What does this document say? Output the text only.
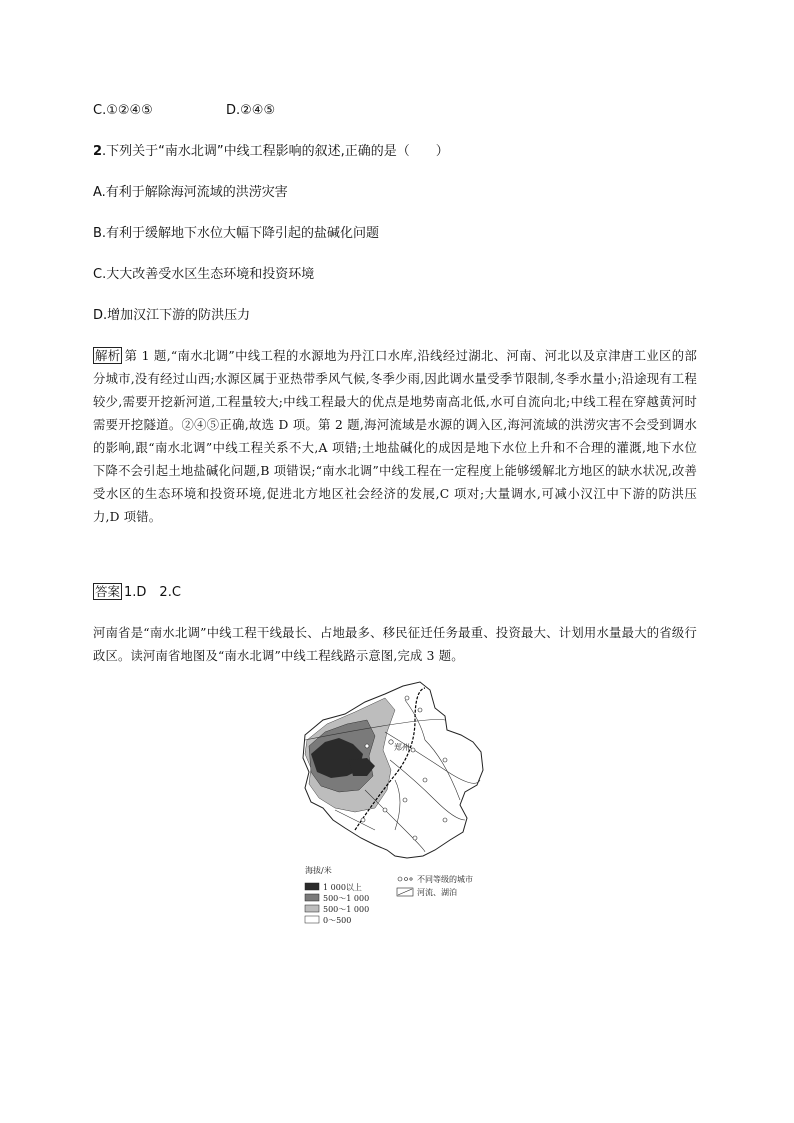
C.①②④⑤	D.②④⑤
2.下列关于“南水北调”中线工程影响的叙述,正确的是（　　）
A.有利于解除海河流域的洪涝灾害
B.有利于缓解地下水位大幅下降引起的盐碱化问题
C.大大改善受水区生态环境和投资环境
D.增加汉江下游的防洪压力
解析 第 1 题,“南水北调”中线工程的水源地为丹江口水库,沿线经过湖北、河南、河北以及京津唐工业区的部分城市,没有经过山西;水源区属于亚热带季风气候,冬季少雨,因此调水量受季节限制,冬季水量小;沿途现有工程较少,需要开挖新河道,工程量较大;中线工程最大的优点是地势南高北低,水可自流向北;中线工程在穿越黄河时需要开挖隧道。②④⑤正确,故选 D 项。第 2 题,海河流域是水源的调入区,海河流域的洪涝灾害不会受到调水的影响,跟“南水北调”中线工程关系不大,A 项错;土地盐碱化的成因是地下水位上升和不合理的灌溉,地下水位下降不会引起土地盐碱化问题,B 项错误;“南水北调”中线工程在一定程度上能够缓解北方地区的缺水状况,改善受水区的生态环境和投资环境,促进北方地区社会经济的发展,C 项对;大量调水,可减小汉江中下游的防洪压力,D 项错。
答案 1.D　2.C
河南省是“南水北调”中线工程干线最长、占地最多、移民征迁任务最重、投资最大、计划用水量最大的省级行政区。读河南省地图及“南水北调”中线工程线路示意图,完成 3 题。
郑州
海拔/米
1 000以上
500～1 000
500～1 000
0～500
不同等级的城市
河流、湖泊
